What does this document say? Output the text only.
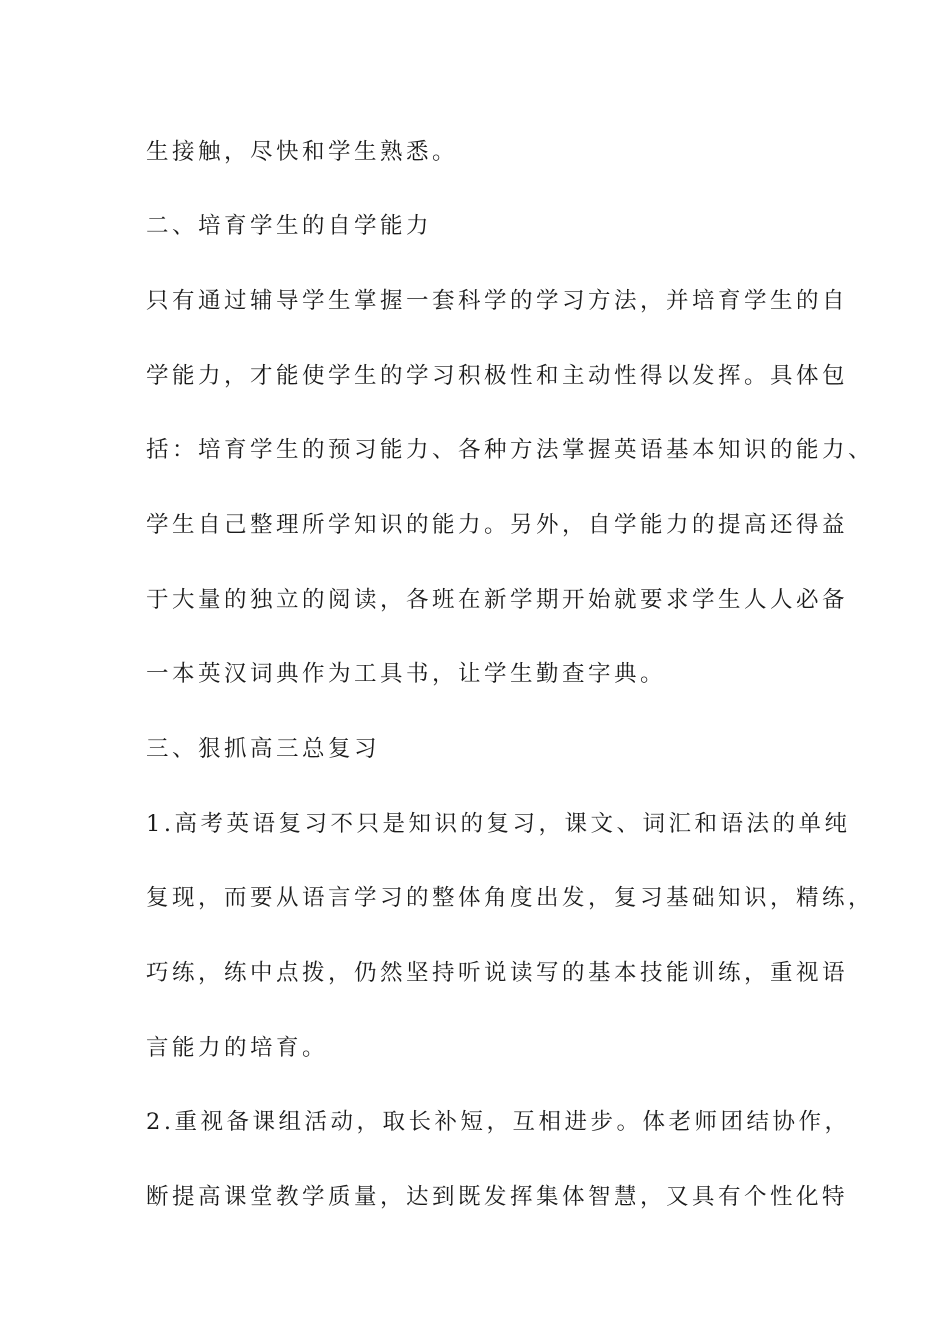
生接触，尽快和学生熟悉。
二、培育学生的自学能力
只有通过辅导学生掌握一套科学的学习方法，并培育学生的自
学能力，才能使学生的学习积极性和主动性得以发挥。具体包
括：培育学生的预习能力、各种方法掌握英语基本知识的能力、
学生自己整理所学知识的能力。另外，自学能力的提高还得益
于大量的独立的阅读，各班在新学期开始就要求学生人人必备
一本英汉词典作为工具书，让学生勤查字典。
三、狠抓高三总复习
1.高考英语复习不只是知识的复习，课文、词汇和语法的单纯
复现，而要从语言学习的整体角度出发，复习基础知识，精练，
巧练，练中点拨，仍然坚持听说读写的基本技能训练，重视语
言能力的培育。
2.重视备课组活动，取长补短，互相进步。体老师团结协作，
断提高课堂教学质量，达到既发挥集体智慧，又具有个性化特
